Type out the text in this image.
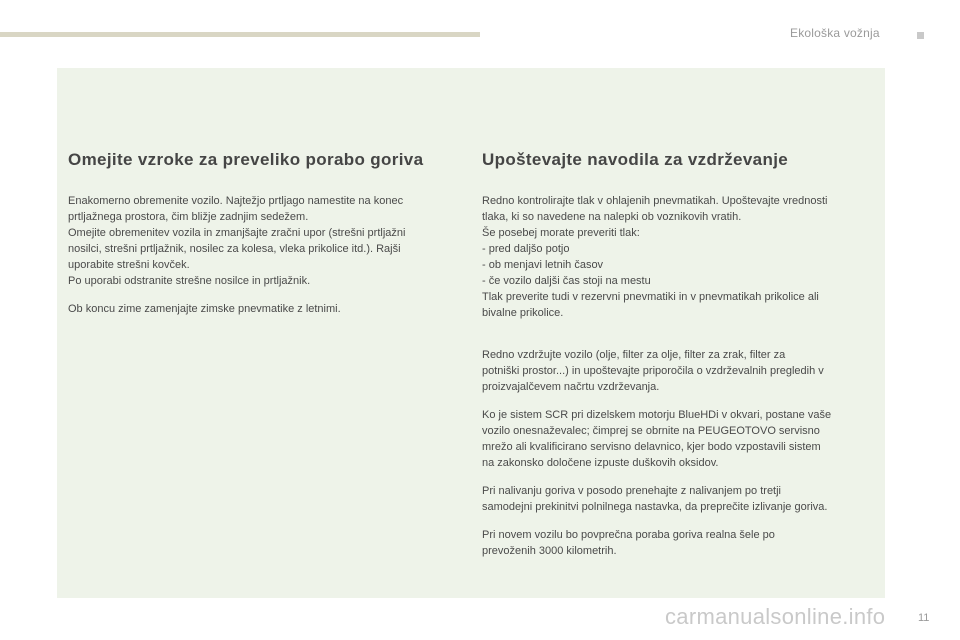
Ekološka vožnja
Omejite vzroke za preveliko porabo goriva

Enakomerno obremenite vozilo. Najtežjo prtljago namestite na konec
prtljažnega prostora, čim bližje zadnjim sedežem.
Omejite obremenitev vozila in zmanjšajte zračni upor (strešni prtljažni
nosilci, strešni prtljažnik, nosilec za kolesa, vleka prikolice itd.). Rajši
uporabite strešni kovček.
Po uporabi odstranite strešne nosilce in prtljažnik.

Ob koncu zime zamenjajte zimske pnevmatike z letnimi.

Upoštevajte navodila za vzdrževanje

Redno kontrolirajte tlak v ohlajenih pnevmatikah. Upoštevajte vrednosti
tlaka, ki so navedene na nalepki ob voznikovih vratih.
Še posebej morate preveriti tlak:
- pred daljšo potjo
- ob menjavi letnih časov
- če vozilo daljši čas stoji na mestu
Tlak preverite tudi v rezervni pnevmatiki in v pnevmatikah prikolice ali
bivalne prikolice.

Redno vzdržujte vozilo (olje, filter za olje, filter za zrak, filter za
potniški prostor...) in upoštevajte priporočila o vzdrževalnih pregledih v
proizvajalčevem načrtu vzdrževanja.

Ko je sistem SCR pri dizelskem motorju BlueHDi v okvari, postane vaše
vozilo onesnaževalec; čimprej se obrnite na PEUGEOTOVO servisno
mrežo ali kvalificirano servisno delavnico, kjer bodo vzpostavili sistem
na zakonsko določene izpuste duškovih oksidov.

Pri nalivanju goriva v posodo prenehajte z nalivanjem po tretji
samodejni prekinitvi polnilnega nastavka, da preprečite izlivanje goriva.

Pri novem vozilu bo povprečna poraba goriva realna šele po
prevoženih 3000 kilometrih.

11
carmanualsonline.info
